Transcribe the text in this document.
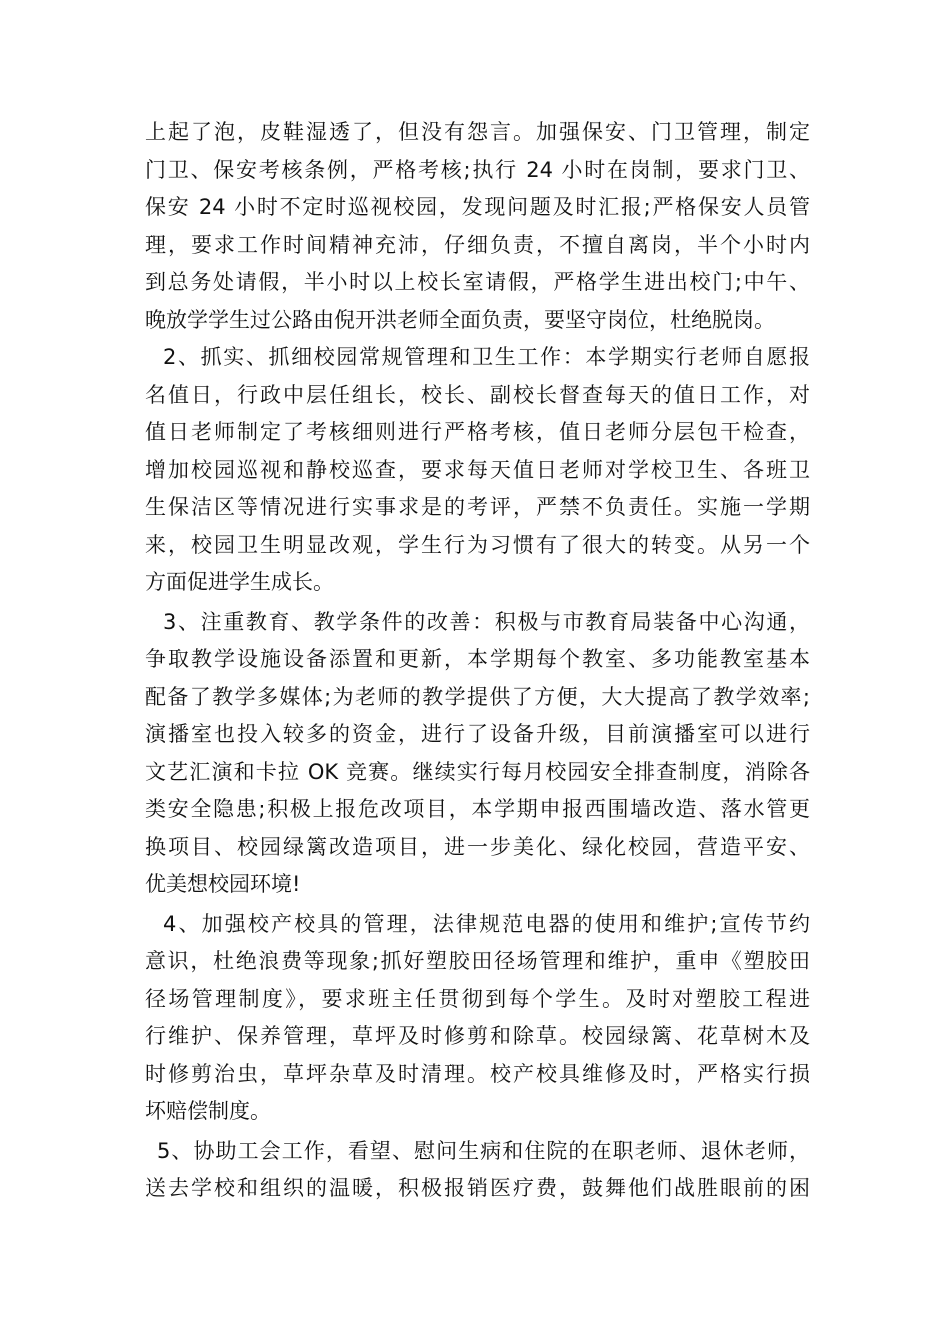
上起了泡，皮鞋湿透了，但没有怨言。加强保安、门卫管理，制定
门卫、保安考核条例，严格考核;执行 24 小时在岗制，要求门卫、
保安 24 小时不定时巡视校园，发现问题及时汇报;严格保安人员管
理，要求工作时间精神充沛，仔细负责，不擅自离岗，半个小时内
到总务处请假，半小时以上校长室请假，严格学生进出校门;中午、
晚放学学生过公路由倪开洪老师全面负责，要坚守岗位，杜绝脱岗。
2、抓实、抓细校园常规管理和卫生工作：本学期实行老师自愿报
名值日，行政中层任组长，校长、副校长督查每天的值日工作，对
值日老师制定了考核细则进行严格考核，值日老师分层包干检查，
增加校园巡视和静校巡查，要求每天值日老师对学校卫生、各班卫
生保洁区等情况进行实事求是的考评，严禁不负责任。实施一学期
来，校园卫生明显改观，学生行为习惯有了很大的转变。从另一个
方面促进学生成长。
3、注重教育、教学条件的改善：积极与市教育局装备中心沟通，
争取教学设施设备添置和更新，本学期每个教室、多功能教室基本
配备了教学多媒体;为老师的教学提供了方便，大大提高了教学效率;
演播室也投入较多的资金，进行了设备升级，目前演播室可以进行
文艺汇演和卡拉 OK 竞赛。继续实行每月校园安全排查制度，消除各
类安全隐患;积极上报危改项目，本学期申报西围墙改造、落水管更
换项目、校园绿篱改造项目，进一步美化、绿化校园，营造平安、
优美想校园环境!
4、加强校产校具的管理，法律规范电器的使用和维护;宣传节约
意识，杜绝浪费等现象;抓好塑胶田径场管理和维护，重申《塑胶田
径场管理制度》，要求班主任贯彻到每个学生。及时对塑胶工程进
行维护、保养管理，草坪及时修剪和除草。校园绿篱、花草树木及
时修剪治虫，草坪杂草及时清理。校产校具维修及时，严格实行损
坏赔偿制度。
5、协助工会工作，看望、慰问生病和住院的在职老师、退休老师，
送去学校和组织的温暖，积极报销医疗费，鼓舞他们战胜眼前的困
